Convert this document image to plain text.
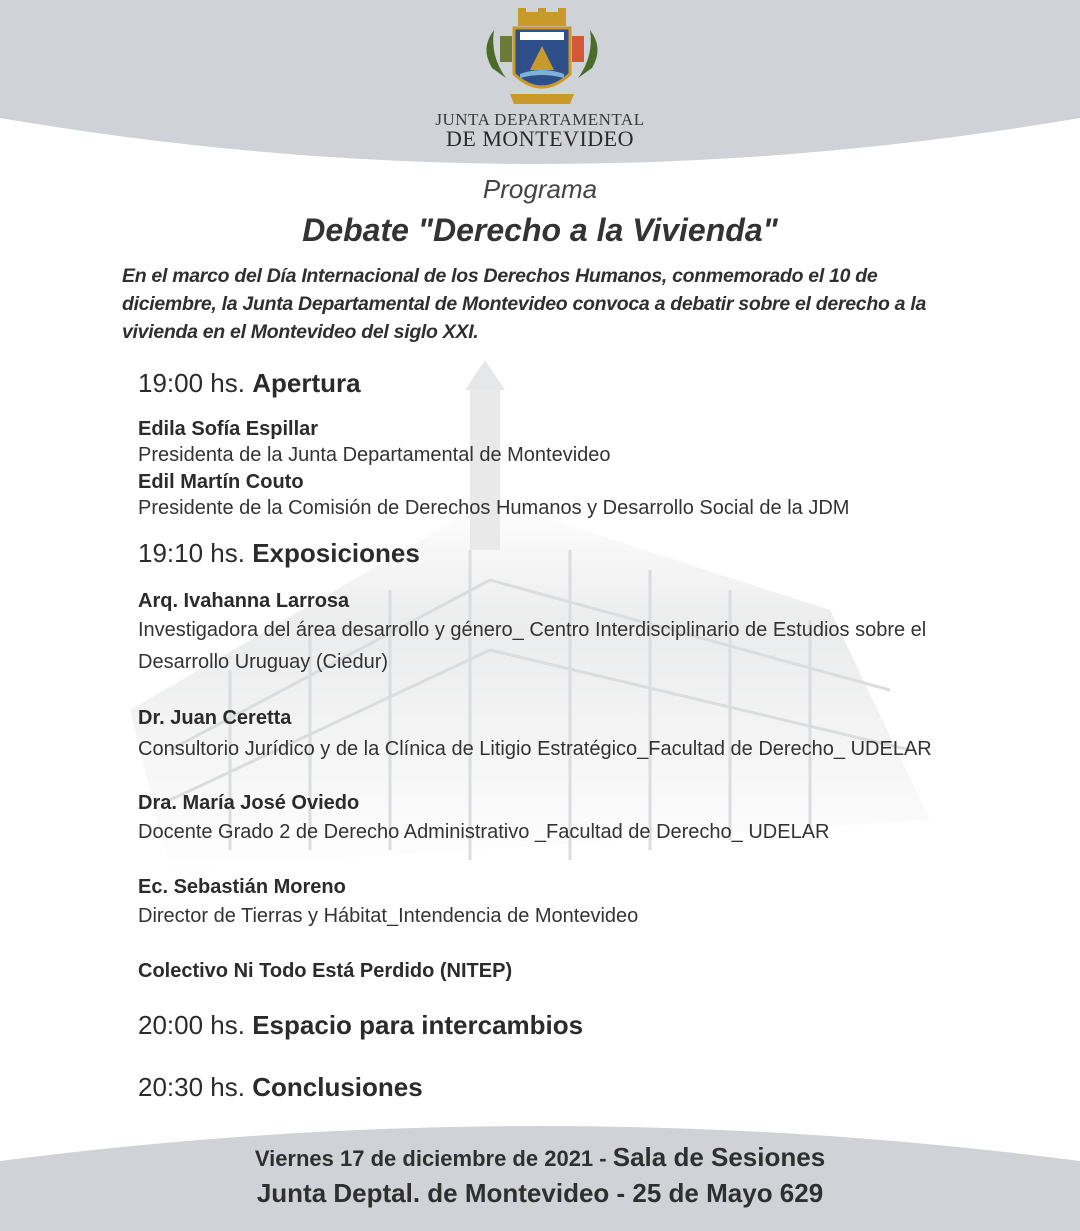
JUNTA DEPARTAMENTAL
DE MONTEVIDEO
Programa
Debate "Derecho a la Vivienda"
En el marco del Día Internacional de los Derechos Humanos, conmemorado el 10 de diciembre, la Junta Departamental de Montevideo convoca a debatir sobre el derecho a la vivienda en el Montevideo del siglo XXI.
19:00 hs. Apertura
Edila Sofía Espillar
Presidenta de la Junta Departamental de Montevideo
Edil Martín Couto
Presidente de la Comisión de Derechos Humanos y Desarrollo Social de la JDM
19:10 hs. Exposiciones
Arq. Ivahanna Larrosa
Investigadora del área desarrollo y género_ Centro Interdisciplinario de Estudios sobre el Desarrollo Uruguay (Ciedur)
Dr. Juan Ceretta
Consultorio Jurídico y de la Clínica de Litigio Estratégico_Facultad de Derecho_ UDELAR
Dra. María José Oviedo
Docente Grado 2 de Derecho Administrativo _Facultad de Derecho_ UDELAR
Ec. Sebastián Moreno
Director de Tierras y Hábitat_Intendencia de Montevideo
Colectivo Ni Todo Está Perdido (NITEP)
20:00 hs. Espacio para intercambios
20:30 hs. Conclusiones
Viernes 17 de diciembre de 2021 - Sala de Sesiones
Junta Deptal. de Montevideo - 25 de Mayo 629
